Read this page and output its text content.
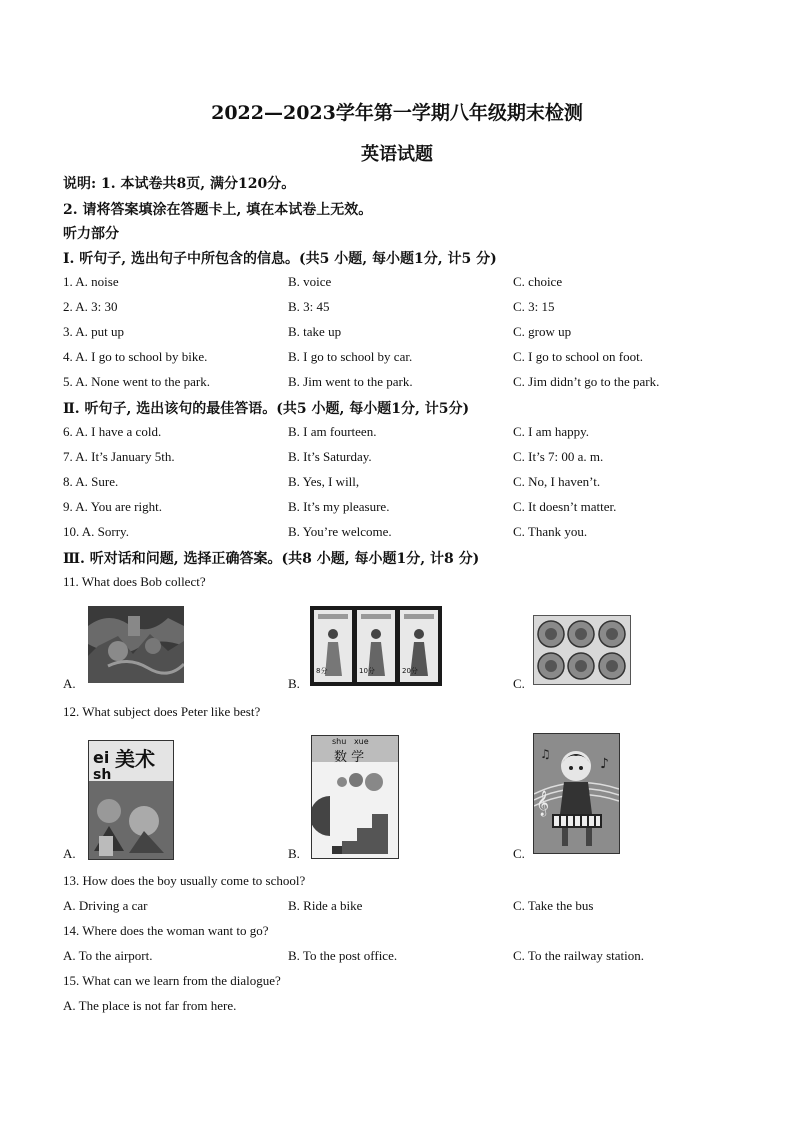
2022—2023学年第一学期八年级期末检测
英语试题
说明: 1. 本试卷共8页, 满分120分。
2. 请将答案填涂在答题卡上, 填在本试卷上无效。
听力部分
I. 听句子, 选出句子中所包含的信息。(共5 小题, 每小题1分, 计5 分)
1. A. noise	B. voice	C. choice
2. A. 3: 30	B. 3: 45	C. 3: 15
3. A. put up	B. take up	C. grow up
4. A. I go to school by bike.	B. I go to school by car.	C. I go to school on foot.
5. A. None went to the park.	B. Jim went to the park.	C. Jim didn’t go to the park.
Ⅱ. 听句子, 选出该句的最佳答语。(共5 小题, 每小题1分, 计5分)
6. A. I have a cold.	B. I am fourteen.	C. I am happy.
7. A. It’s January 5th.	B. It’s Saturday.	C. It’s 7: 00 a. m.
8. A. Sure.	B. Yes, I will,	C. No, I haven’t.
9. A. You are right.	B. It’s my pleasure.	C. It doesn’t matter.
10. A. Sorry.	B. You’re welcome.	C. Thank you.
Ⅲ. 听对话和问题, 选择正确答案。(共8 小题, 每小题1分, 计8 分)
11. What does Bob collect?
A.	B.
8分	10分	20分
C.
12. What subject does Peter like best?
A.
ei
sh
美术
B.
shu   xue
数 学
C.
𝄞
♪
♫
13. How does the boy usually come to school?
A. Driving a car	B. Ride a bike	C. Take the bus
14. Where does the woman want to go?
A. To the airport.	B. To the post office.	C. To the railway station.
15. What can we learn from the dialogue?
A. The place is not far from here.
